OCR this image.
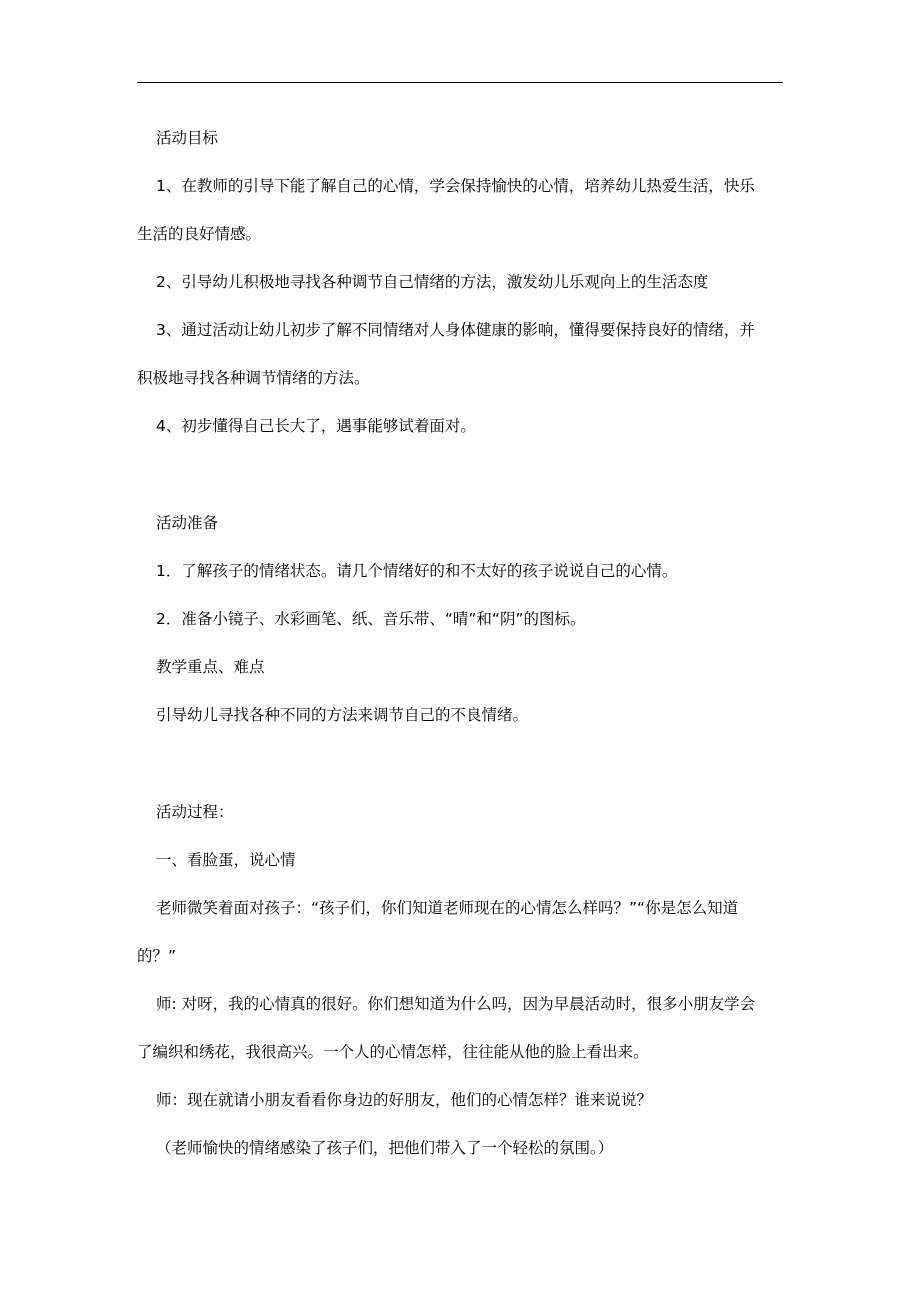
活动目标
1、在教师的引导下能了解自己的心情，学会保持愉快的心情，培养幼儿热爱生活，快乐
生活的良好情感。
2、引导幼儿积极地寻找各种调节自己情绪的方法，激发幼儿乐观向上的生活态度
3、通过活动让幼儿初步了解不同情绪对人身体健康的影响，懂得要保持良好的情绪，并
积极地寻找各种调节情绪的方法。
4、初步懂得自己长大了，遇事能够试着面对。
活动准备
1．了解孩子的情绪状态。请几个情绪好的和不太好的孩子说说自己的心情。
2．准备小镜子、水彩画笔、纸、音乐带、“晴”和“阴”的图标。
教学重点、难点
引导幼儿寻找各种不同的方法来调节自己的不良情绪。
活动过程：
一、看脸蛋，说心情
老师微笑着面对孩子：“孩子们，你们知道老师现在的心情怎么样吗？”“你是怎么知道
的？”
师: 对呀，我的心情真的很好。你们想知道为什么吗，因为早晨活动时，很多小朋友学会
了编织和绣花，我很高兴。一个人的心情怎样，往往能从他的脸上看出来。
师：现在就请小朋友看看你身边的好朋友，他们的心情怎样？谁来说说？
（老师愉快的情绪感染了孩子们，把他们带入了一个轻松的氛围。）
